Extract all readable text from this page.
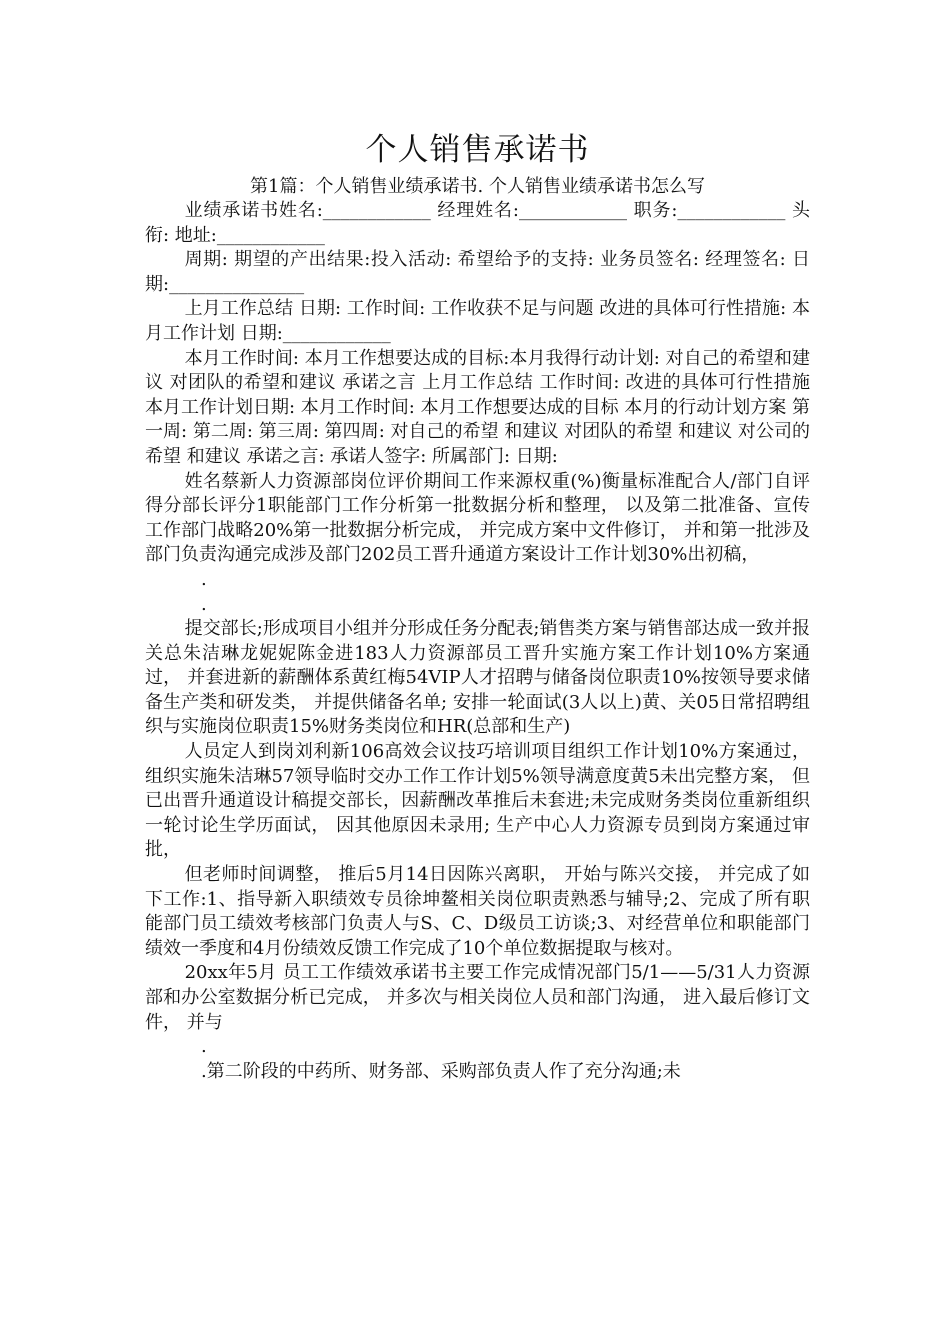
个人销售承诺书

第1篇：个人销售业绩承诺书. 个人销售业绩承诺书怎么写

业绩承诺书姓名:____________ 经理姓名:____________ 职务:____________ 头衔: 地址:____________

周期: 期望的产出结果:投入活动: 希望给予的支持: 业务员签名: 经理签名: 日期:_______________

上月工作总结 日期: 工作时间: 工作收获不足与问题 改进的具体可行性措施: 本月工作计划 日期:____________

本月工作时间: 本月工作想要达成的目标:本月我得行动计划: 对自己的希望和建议 对团队的希望和建议 承诺之言 上月工作总结 工作时间: 改进的具体可行性措施 本月工作计划日期: 本月工作时间: 本月工作想要达成的目标 本月的行动计划方案 第一周: 第二周: 第三周: 第四周: 对自己的希望 和建议 对团队的希望 和建议 对公司的希望 和建议 承诺之言: 承诺人签字: 所属部门: 日期:

姓名蔡新人力资源部岗位评价期间工作来源权重(%)衡量标准配合人/部门自评得分部长评分1职能部门工作分析第一批数据分析和整理， 以及第二批准备、宣传工作部门战略20%第一批数据分析完成， 并完成方案中文件修订， 并和第一批涉及部门负责沟通完成涉及部门202员工晋升通道方案设计工作计划30%出初稿，

.

.

提交部长;形成项目小组并分形成任务分配表;销售类方案与销售部达成一致并报关总朱洁琳龙妮妮陈金进183人力资源部员工晋升实施方案工作计划10%方案通过， 并套进新的薪酬体系黄红梅54VIP人才招聘与储备岗位职责10%按领导要求储备生产类和研发类， 并提供储备名单; 安排一轮面试(3人以上)黄、关05日常招聘组织与实施岗位职责15%财务类岗位和HR(总部和生产)

人员定人到岗刘利新106高效会议技巧培训项目组织工作计划10%方案通过， 组织实施朱洁琳57领导临时交办工作工作计划5%领导满意度黄5未出完整方案， 但已出晋升通道设计稿提交部长，因薪酬改革推后未套进;未完成财务类岗位重新组织一轮讨论生学历面试， 因其他原因未录用; 生产中心人力资源专员到岗方案通过审批，

但老师时间调整， 推后5月14日因陈兴离职， 开始与陈兴交接， 并完成了如下工作:1、指导新入职绩效专员徐坤鳌相关岗位职责熟悉与辅导;2、完成了所有职能部门员工绩效考核部门负责人与S、C、D级员工访谈;3、对经营单位和职能部门绩效一季度和4月份绩效反馈工作完成了10个单位数据提取与核对。

20xx年5月 员工工作绩效承诺书主要工作完成情况部门5/1——5/31人力资源部和办公室数据分析已完成， 并多次与相关岗位人员和部门沟通， 进入最后修订文件， 并与

.

.第二阶段的中药所、财务部、采购部负责人作了充分沟通;未
